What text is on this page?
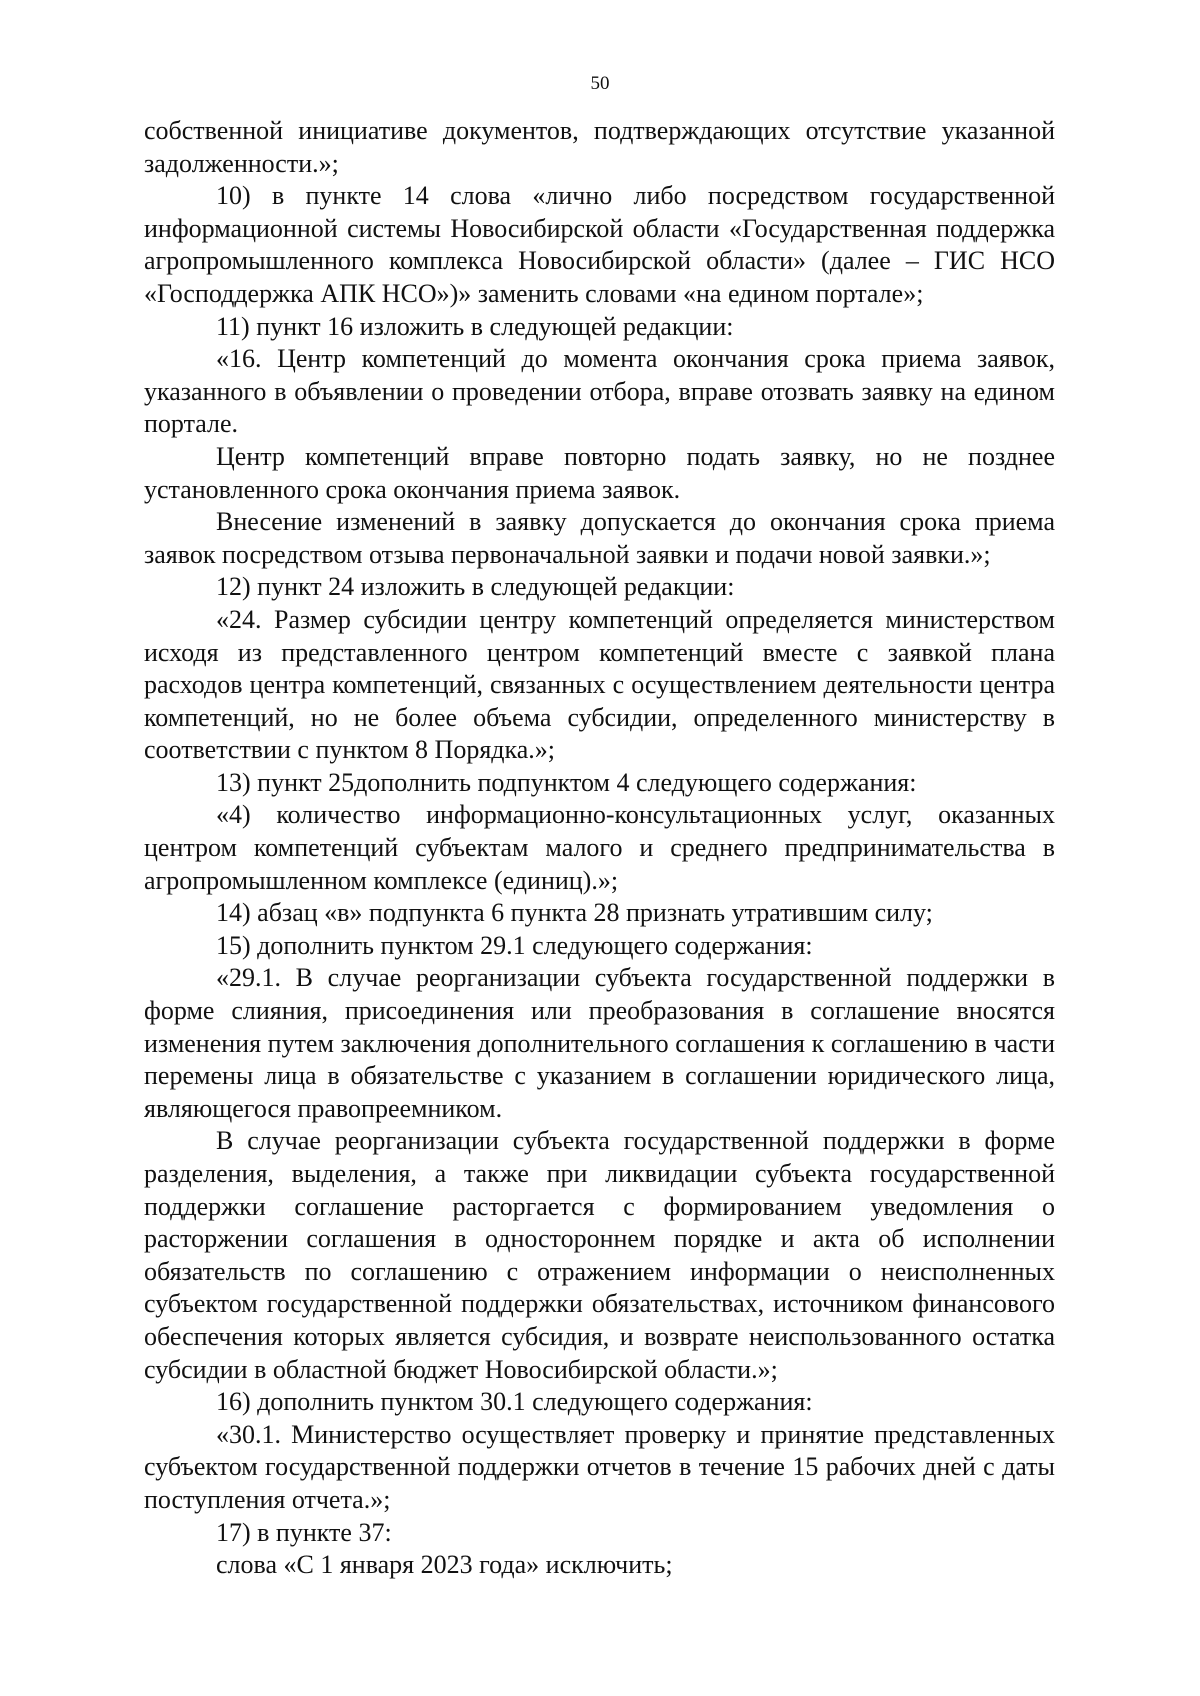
50

собственной инициативе документов, подтверждающих отсутствие указанной задолженности.»;

10) в пункте 14 слова «лично либо посредством государственной информационной системы Новосибирской области «Государственная поддержка агропромышленного комплекса Новосибирской области» (далее – ГИС НСО «Господдержка АПК НСО»)» заменить словами «на едином портале»;

11) пункт 16 изложить в следующей редакции:

«16. Центр компетенций до момента окончания срока приема заявок, указанного в объявлении о проведении отбора, вправе отозвать заявку на едином портале.

Центр компетенций вправе повторно подать заявку, но не позднее установленного срока окончания приема заявок.

Внесение изменений в заявку допускается до окончания срока приема заявок посредством отзыва первоначальной заявки и подачи новой заявки.»;

12) пункт 24 изложить в следующей редакции:

«24. Размер субсидии центру компетенций определяется министерством исходя из представленного центром компетенций вместе с заявкой плана расходов центра компетенций, связанных с осуществлением деятельности центра компетенций, но не более объема субсидии, определенного министерству в соответствии с пунктом 8 Порядка.»;

13) пункт 25дополнить подпунктом 4 следующего содержания:

«4) количество информационно-консультационных услуг, оказанных центром компетенций субъектам малого и среднего предпринимательства в агропромышленном комплексе (единиц).»;

14) абзац «в» подпункта 6 пункта 28 признать утратившим силу;

15) дополнить пунктом 29.1 следующего содержания:

«29.1. В случае реорганизации субъекта государственной поддержки в форме слияния, присоединения или преобразования в соглашение вносятся изменения путем заключения дополнительного соглашения к соглашению в части перемены лица в обязательстве с указанием в соглашении юридического лица, являющегося правопреемником.

В случае реорганизации субъекта государственной поддержки в форме разделения, выделения, а также при ликвидации субъекта государственной поддержки соглашение расторгается с формированием уведомления о расторжении соглашения в одностороннем порядке и акта об исполнении обязательств по соглашению с отражением информации о неисполненных субъектом государственной поддержки обязательствах, источником финансового обеспечения которых является субсидия, и возврате неиспользованного остатка субсидии в областной бюджет Новосибирской области.»;

16) дополнить пунктом 30.1 следующего содержания:

«30.1. Министерство осуществляет проверку и принятие представленных субъектом государственной поддержки отчетов в течение 15 рабочих дней с даты поступления отчета.»;

17) в пункте 37:

слова «С 1 января 2023 года» исключить;
